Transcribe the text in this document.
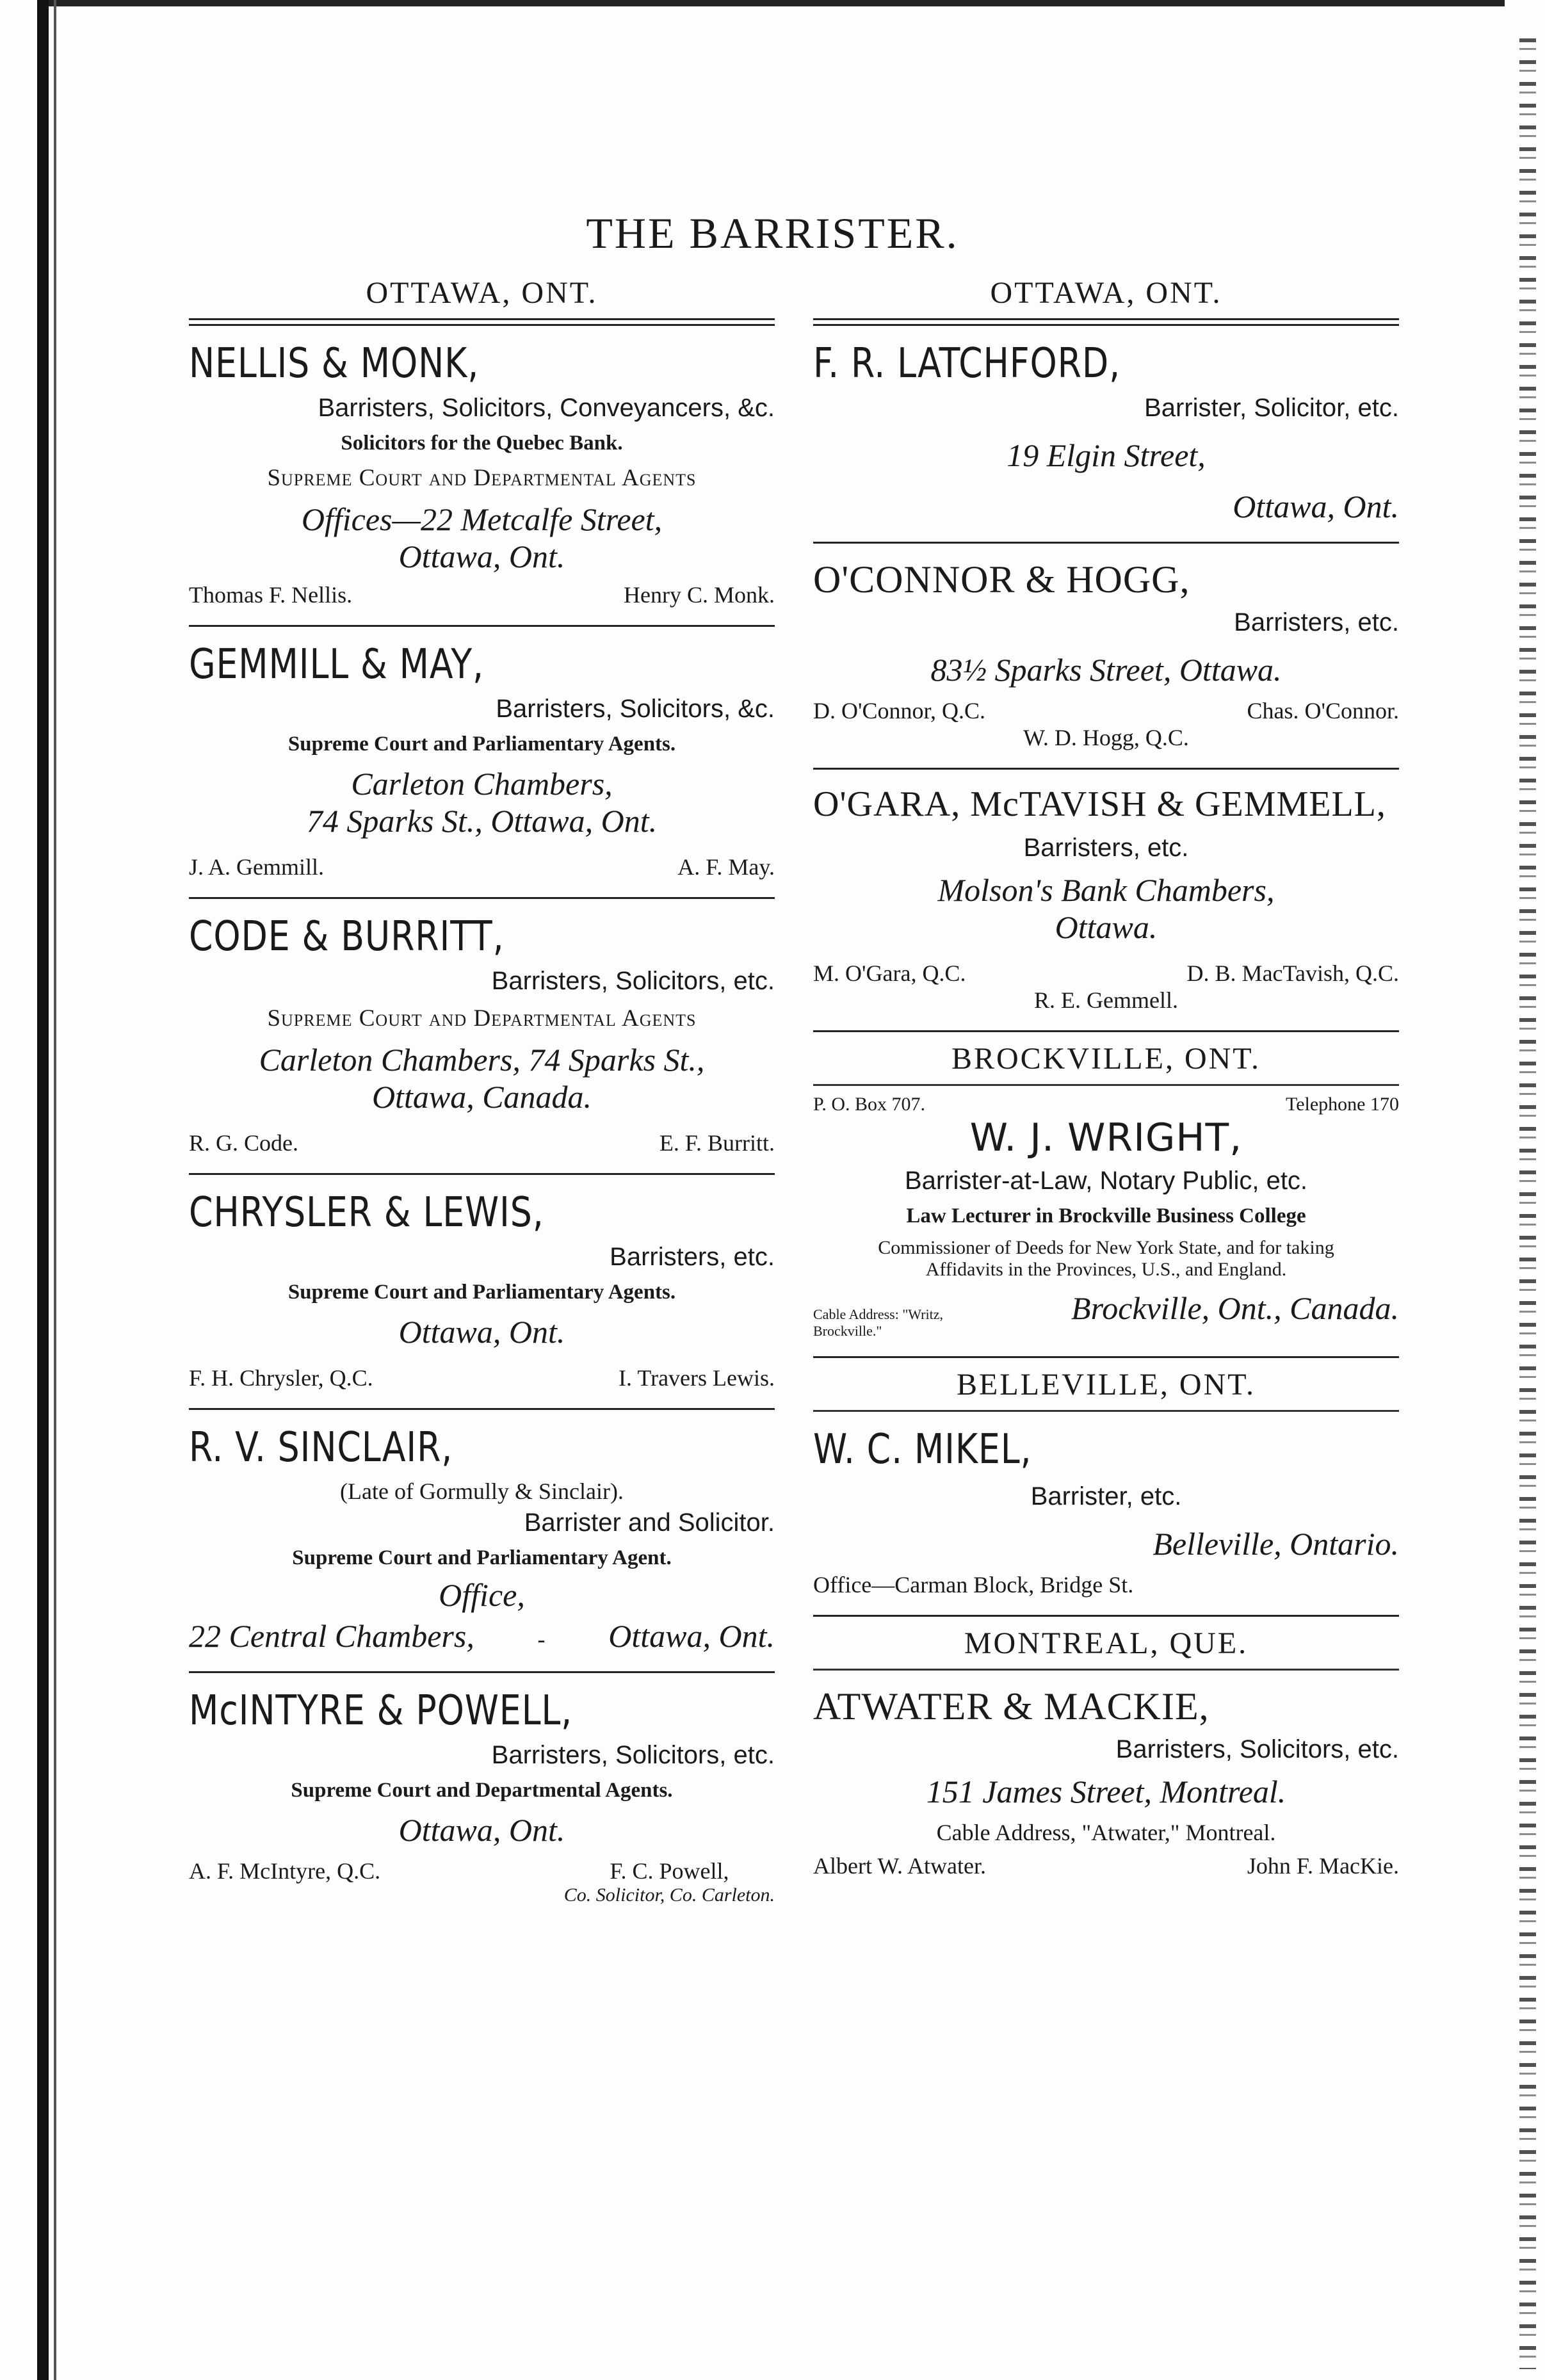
THE BARRISTER.
OTTAWA, ONT.
NELLIS & MONK,
Barristers, Solicitors, Conveyancers, &c.
Solicitors for the Quebec Bank.
Supreme Court and Departmental Agents
Offices—22 Metcalfe Street,
Ottawa, Ont.
Thomas F. Nellis.	Henry C. Monk.
GEMMILL & MAY,
Barristers, Solicitors, &c.
Supreme Court and Parliamentary Agents.
Carleton Chambers,
74 Sparks St., Ottawa, Ont.
J. A. Gemmill.	A. F. May.
CODE & BURRITT,
Barristers, Solicitors, etc.
Supreme Court and Departmental Agents
Carleton Chambers, 74 Sparks St.,
Ottawa, Canada.
R. G. Code.	E. F. Burritt.
CHRYSLER & LEWIS,
Barristers, etc.
Supreme Court and Parliamentary Agents.
Ottawa, Ont.
F. H. Chrysler, Q.C.	I. Travers Lewis.
R. V. SINCLAIR,
(Late of Gormully & Sinclair).
Barrister and Solicitor.
Supreme Court and Parliamentary Agent.
Office,
22 Central Chambers,	- Ottawa, Ont.
McINTYRE & POWELL,
Barristers, Solicitors, etc.
Supreme Court and Departmental Agents.
Ottawa, Ont.
A. F. McIntyre, Q.C.	F. C. Powell,
Co. Solicitor, Co. Carleton.
OTTAWA, ONT.
F. R. LATCHFORD,
Barrister, Solicitor, etc.
19 Elgin Street,
Ottawa, Ont.
O'CONNOR & HOGG,
Barristers, etc.
83½ Sparks Street, Ottawa.
D. O'Connor, Q.C.	Chas. O'Connor.
W. D. Hogg, Q.C.
O'GARA, McTAVISH & GEMMELL,
Barristers, etc.
Molson's Bank Chambers,
Ottawa.
M. O'Gara, Q.C.	D. B. MacTavish, Q.C.
R. E. Gemmell.
BROCKVILLE, ONT.
P. O. Box 707.	Telephone 170
W. J. WRIGHT,
Barrister-at-Law, Notary Public, etc.
Law Lecturer in Brockville Business College
Commissioner of Deeds for New York State, and for taking Affidavits in the Provinces, U.S., and England.
Cable Address: "Writz, Brockville."
Brockville, Ont., Canada.
BELLEVILLE, ONT.
W. C. MIKEL,
Barrister, etc.
Belleville, Ontario.
Office—Carman Block, Bridge St.
MONTREAL, QUE.
ATWATER & MACKIE,
Barristers, Solicitors, etc.
151 James Street, Montreal.
Cable Address, "Atwater," Montreal.
Albert W. Atwater.	John F. MacKie.
